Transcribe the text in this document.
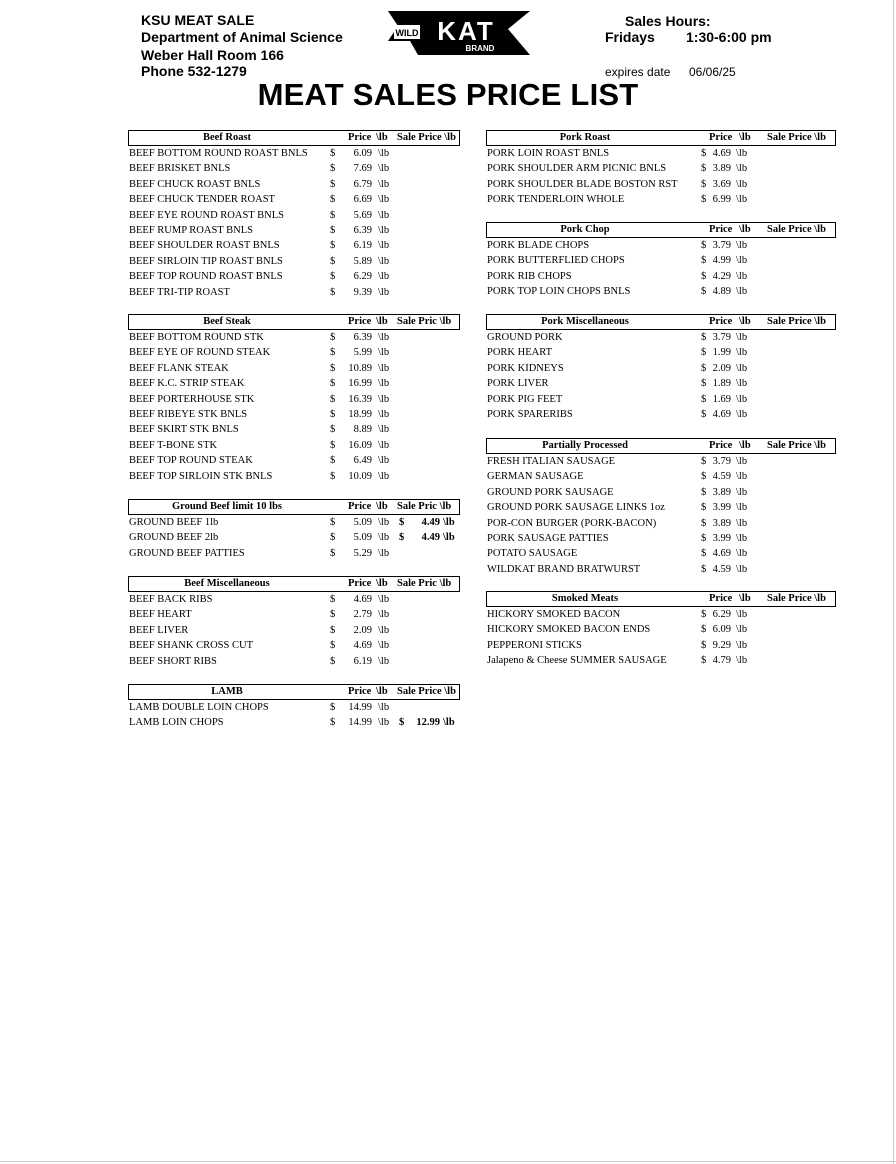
KSU MEAT SALE
Department of Animal Science
Weber Hall Room 166
Phone 532-1279
Sales Hours:
Fridays 1:30-6:00 pm
expires date 06/06/25
WILD KAT
BRAND
MEAT SALES PRICE LIST
Beef Roast	Price \lb Sale Price \lb
BEEF BOTTOM ROUND ROAST BNLS $	6.09 \lb
BEEF BRISKET BNLS	$	7.69 \lb
BEEF CHUCK ROAST BNLS	$	6.79 \lb
BEEF CHUCK TENDER ROAST	$	6.69 \lb
BEEF EYE ROUND ROAST BNLS	$	5.69 \lb
BEEF RUMP ROAST BNLS	$	6.39 \lb
BEEF SHOULDER ROAST BNLS	$	6.19 \lb
BEEF SIRLOIN TIP ROAST BNLS	$	5.89 \lb
BEEF TOP ROUND ROAST BNLS	$	6.29 \lb
BEEF TRI-TIP ROAST	$	9.39 \lb
Beef Steak	Price \lb Sale Pric \lb
BEEF BOTTOM ROUND STK	$	6.39 \lb
BEEF EYE OF ROUND STEAK	$	5.99 \lb
BEEF FLANK STEAK	$	10.89 \lb
BEEF K.C. STRIP STEAK	$	16.99 \lb
BEEF PORTERHOUSE STK	$	16.39 \lb
BEEF RIBEYE STK BNLS	$	18.99 \lb
BEEF SKIRT STK BNLS	$	8.89 \lb
BEEF T-BONE STK	$	16.09 \lb
BEEF TOP ROUND STEAK	$	6.49 \lb
BEEF TOP SIRLOIN STK BNLS	$	10.09 \lb
Ground Beef limit 10 lbs	Price \lb Sale Pric \lb
GROUND BEEF 1lb	$	5.09 \lb $	4.49 \lb
GROUND BEEF 2lb	$	5.09 \lb $	4.49 \lb
GROUND BEEF PATTIES	$	5.29 \lb
Beef Miscellaneous	Price \lb Sale Pric \lb
BEEF BACK RIBS	$	4.69 \lb
BEEF HEART	$	2.79 \lb
BEEF LIVER	$	2.09 \lb
BEEF SHANK CROSS CUT	$	4.69 \lb
BEEF SHORT RIBS	$	6.19 \lb
LAMB	Price \lb Sale Price \lb
LAMB DOUBLE LOIN CHOPS	$	14.99 \lb
LAMB LOIN CHOPS	$	14.99 \lb $	12.99 \lb
Pork Roast	Price \lb Sale Price \lb
PORK LOIN ROAST BNLS	$ 4.69 \lb
PORK SHOULDER ARM PICNIC BNLS	$ 3.89 \lb
PORK SHOULDER BLADE BOSTON RST $ 3.69 \lb
PORK TENDERLOIN WHOLE	$ 6.99 \lb
Pork Chop	Price \lb Sale Price \lb
PORK BLADE CHOPS	$ 3.79 \lb
PORK BUTTERFLIED CHOPS	$ 4.99 \lb
PORK RIB CHOPS	$ 4.29 \lb
PORK TOP LOIN CHOPS BNLS	$ 4.89 \lb
Pork Miscellaneous	Price \lb Sale Price \lb
GROUND PORK	$ 3.79 \lb
PORK HEART	$ 1.99 \lb
PORK KIDNEYS	$ 2.09 \lb
PORK LIVER	$ 1.89 \lb
PORK PIG FEET	$ 1.69 \lb
PORK SPARERIBS	$ 4.69 \lb
Partially Processed	Price \lb Sale Price \lb
FRESH ITALIAN SAUSAGE	$ 3.79 \lb
GERMAN SAUSAGE	$ 4.59 \lb
GROUND PORK SAUSAGE	$ 3.89 \lb
GROUND PORK SAUSAGE LINKS 1oz	$ 3.99 \lb
POR-CON BURGER (PORK-BACON)	$ 3.89 \lb
PORK SAUSAGE PATTIES	$ 3.99 \lb
POTATO SAUSAGE	$ 4.69 \lb
WILDKAT BRAND BRATWURST	$ 4.59 \lb
Smoked Meats	Price \lb Sale Price \lb
HICKORY SMOKED BACON	$ 6.29 \lb
HICKORY SMOKED BACON ENDS	$ 6.09 \lb
PEPPERONI STICKS	$ 9.29 \lb
Jalapeno & Cheese SUMMER SAUSAGE	$ 4.79 \lb
